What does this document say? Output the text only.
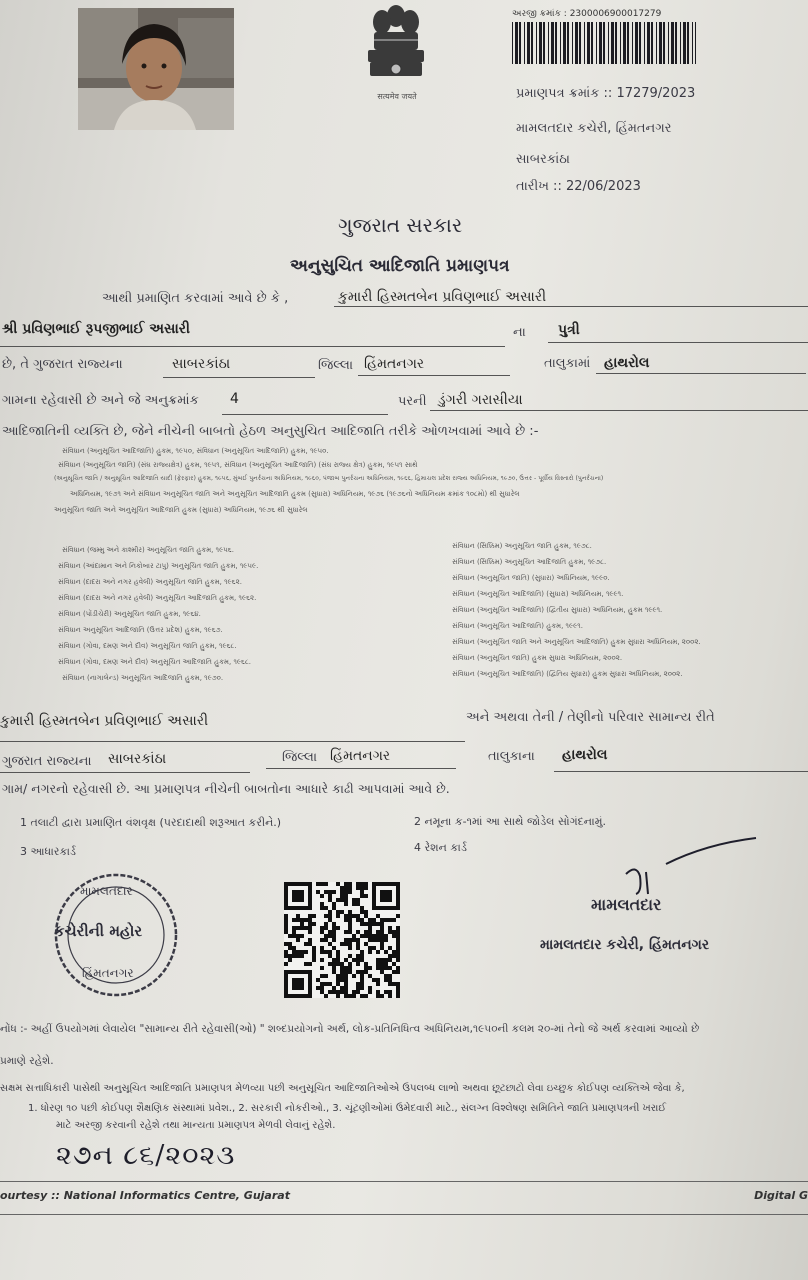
सत्यमेव जयते
અરજી ક્રમાંક : 2300006900017279
પ્રમાણપત્ર ક્રમાંક :: 17279/2023
મામલતદાર કચેરી, હિંમતનગર
સાબરકાંઠા
તારીખ :: 22/06/2023
ગુજરાત સરકાર
અનુસુચિત આદિજાતિ પ્રમાણપત્ર
આથી પ્રમાણિત કરવામાં આવે છે કે ,	કુમારી હિસ્મતબેન પ્રવિણભાઈ અસારી
શ્રી પ્રવિણભાઈ રૂપજીભાઈ અસારી	ના પુત્રી
છે, તે ગુજરાત રાજ્યના	સાબરકાંઠા	જિલ્લા હિંમતનગર	તાલુકામાં હાથરોલ
ગામના રહેવાસી છે અને જે અનુક્રમાંક 4	પરની ડુંગરી ગરાસીયા
આદિજાતિની વ્યક્તિ છે, જેને નીચેની બાબતો હેઠળ અનુસુચિત આદિજાતિ તરીકે ઓળખવામાં આવે છે :-
સંવિધાન (અનુસૂચિત આદિજાતિ) હુકમ, ૧૯૫૦, સંવિધાન (અનુસૂચિત આદિજાતિ) હુકમ, ૧૯૫૦.
સંવિધાન (અનુસૂચિત જાતિ) (સંઘ રાજ્યક્ષેત્ર) હુકમ, ૧૯૫૧, સંવિધાન (અનુસૂચિત આદિજાતિ) (સંઘ રાજ્ય ક્ષેત્ર) હુકમ, ૧૯૫૧ સાથે
(અનુસૂચિત જાતિ / અનુસૂચિત આદિજાતિ યાદી (ફેરફાર) હુકમ, ૧૯૫૬, મુંબઈ પુનર્રચના અધિનિયમ, ૧૯૬૦, પંજાબ પુનર્રચના અધિનિયમ, ૧૯૬૬, હિમાચલ પ્રદેશ રાજ્ય અધિનિયમ, ૧૯૭૦, ઉત્તર - પૂર્વીય વિસ્તારો (પુનર્રચના)
અધિનિયમ, ૧૯૭૧ અને સંવિધાન અનુસૂચિત જાતિ અને અનુસૂચિત આદિજાતિ હુકમ (સુધારા) અધિનિયમ, ૧૯૭૬ (૧૯૭૬નો અધિનિયમ ક્રમાંક ૧૦૮મો) થી સુધારેલ
અનુસૂચિત જાતિ અને અનુસૂચિત આદિજાતિ હુકમ (સુધારા) અધિનિયમ, ૧૯૭૬ થી સુધારેલ
સંવિધાન (જમ્મુ અને કાશ્મીર) અનુસૂચિત જાતિ હુકમ, ૧૯૫૬.
સંવિધાન (આંદામાન અને નિકોબાર ટાપુ) અનુસૂચિત જાતિ હુકમ, ૧૯૫૯.
સંવિધાન (દાદરા અને નગર હવેલી) અનુસૂચિત જાતિ હુકમ, ૧૯૬૨.
સંવિધાન (દાદરા અને નગર હવેલી) અનુસૂચિત આદિજાતિ હુકમ, ૧૯૬૨.
સંવિધાન (પોંડીચેરી) અનુસૂચિત જાતિ હુકમ, ૧૯૬૪.
સંવિધાન અનુસૂચિત આદિજાતિ (ઉત્તર પ્રદેશ) હુકમ, ૧૯૬૭.
સંવિધાન (ગોવા, દમણ અને દીવ) અનુસૂચિત જાતિ હુકમ, ૧૯૬૮.
સંવિધાન (ગોવા, દમણ અને દીવ) અનુસૂચિત આદિજાતિ હુકમ, ૧૯૬૮.
સંવિધાન (નાગાલેન્ડ) અનુસૂચિત આદિજાતિ હુકમ, ૧૯૭૦.
સંવિધાન (સિક્કિમ) અનુસૂચિત જાતિ હુકમ, ૧૯૭૮.
સંવિધાન (સિક્કિમ) અનુસૂચિત આદિજાતિ હુકમ, ૧૯૭૮.
સંવિધાન (અનુસૂચિત જાતિ) (સુધારા) અધિનિયમ, ૧૯૯૦.
સંવિધાન (અનુસૂચિત આદિજાતિ) (સુધારા) અધિનિયમ, ૧૯૯૧.
સંવિધાન (અનુસૂચિત આદિજાતિ) (દ્વિતીય સુધારા) અધિનિયમ, હુકમ ૧૯૯૧.
સંવિધાન (અનુસૂચિત આદિજાતિ) હુકમ, ૧૯૯૧.
સંવિધાન (અનુસૂચિત જાતિ અને અનુસૂચિત આદિજાતિ) હુકમ સુધારા અધિનિયમ, ૨૦૦૨.
સંવિધાન (અનુસૂચિત જાતિ) હુકમ સુધારા અધિનિયમ, ૨૦૦૨.
સંવિધાન (અનુસૂચિત આદિજાતિ) (દ્વિતિય સુધારા) હુકમ સુધારા અધિનિયમ, ૨૦૦૨.
કુમારી હિસ્મતબેન પ્રવિણભાઈ અસારી	અને અથવા તેની / તેણીનો પરિવાર સામાન્ય રીતે
ગુજરાત રાજ્યના સાબરકાંઠા	જિલ્લા હિંમતનગર	તાલુકાના હાથરોલ
ગામ/ નગરનો રહેવાસી છે. આ પ્રમાણપત્ર નીચેની બાબતોના આધારે કાઢી આપવામાં આવે છે.
1 તલાટી દ્વારા પ્રમાણિત વંશવૃક્ષ (પરદાદાથી શરૂઆત કરીને.)	2 નમૂના ક-૧માં આ સાથે જોડેલ સોગંદનામું.
3 આધારકાર્ડ	4 રેશન કાર્ડ
મામલતદાર
કચેરીની મહોર
હિંમતનગર
મામલતદાર
મામલતદાર કચેરી, હિંમતનગર
નોંધ :- અહીં ઉપયોગમાં લેવાયેલ "સામાન્ય રીતે રહેવાસી(ઓ) " શબ્દપ્રયોગનો અર્થ, લોક-પ્રતિનિધિત્વ અધિનિયમ,૧૯૫૦ની કલમ ૨૦-માં તેનો જે અર્થ કરવામાં આવ્યો છે
પ્રમાણે રહેશે.
સક્ષમ સત્તાધિકારી પાસેથી અનુસૂચિત આદિજાતિ પ્રમાણપત્ર મેળવ્યા પછી અનુસૂચિત આદિજાતિઓએ ઉપલબ્ધ લાભો અથવા છૂટછાટો લેવા ઇચ્છુક કોઈપણ વ્યક્તિએ જેવા કે,
1. ધોરણ ૧૦ પછી કોઈપણ શૈક્ષણિક સંસ્થામાં પ્રવેશ., 2. સરકારી નોકરીઓ., 3. ચૂંટણીઓમાં ઉમેદવારી માટે., સંલગ્ન વિશ્લેષણ સમિતિને જાતિ પ્રમાણપત્રની ખરાઈ
માટે અરજી કરવાની રહેશે તથા માન્યતા પ્રમાણપત્ર મેળવી લેવાનું રહેશે.
૨૭ન ૮૬/૨૦૨૩
ourtesy :: National Informatics Centre, Gujarat	Digital G
